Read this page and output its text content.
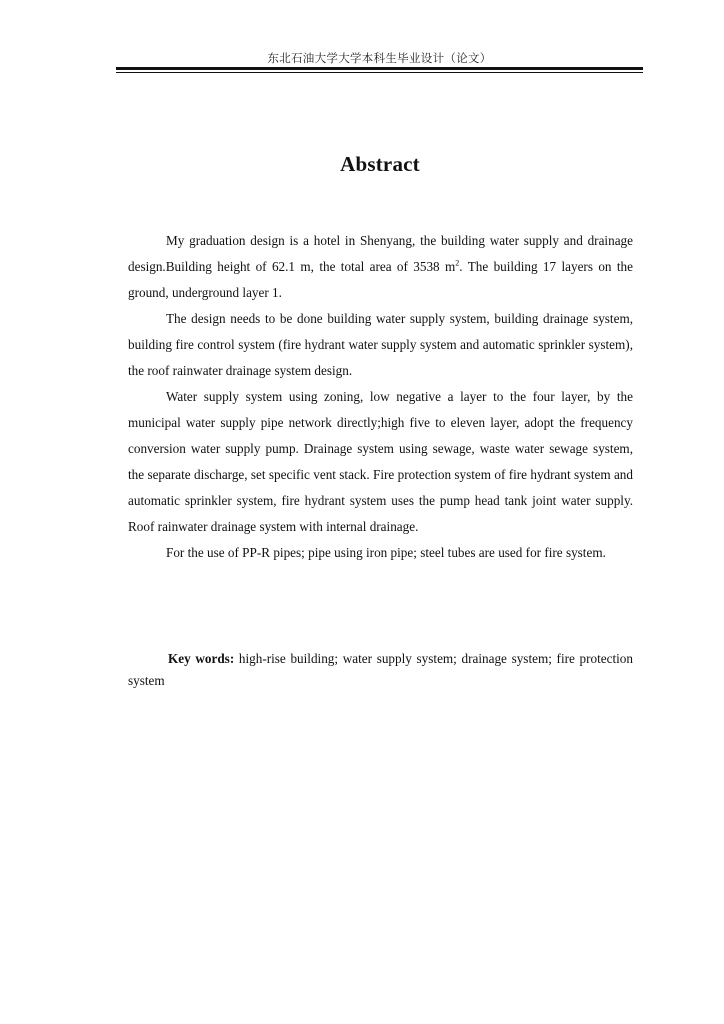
东北石油大学大学本科生毕业设计（论文）
Abstract

My graduation design is a hotel in Shenyang, the building water supply and drainage design.Building height of 62.1 m, the total area of 3538 $m^2$. The building 17 layers on the ground, underground layer 1.

The design needs to be done building water supply system, building drainage system, building fire control system (fire hydrant water supply system and automatic sprinkler system), the roof rainwater drainage system design.

Water supply system using zoning, low negative a layer to the four layer, by the municipal water supply pipe network directly;high five to eleven layer, adopt the frequency conversion water supply pump. Drainage system using sewage, waste water sewage system, the separate discharge, set specific vent stack. Fire protection system of fire hydrant system and automatic sprinkler system, fire hydrant system uses the pump head tank joint water supply. Roof rainwater drainage system with internal drainage.

For the use of PP-R pipes; pipe using iron pipe; steel tubes are used for fire system.

Key words: high-rise building; water supply system; drainage system; fire protection system
